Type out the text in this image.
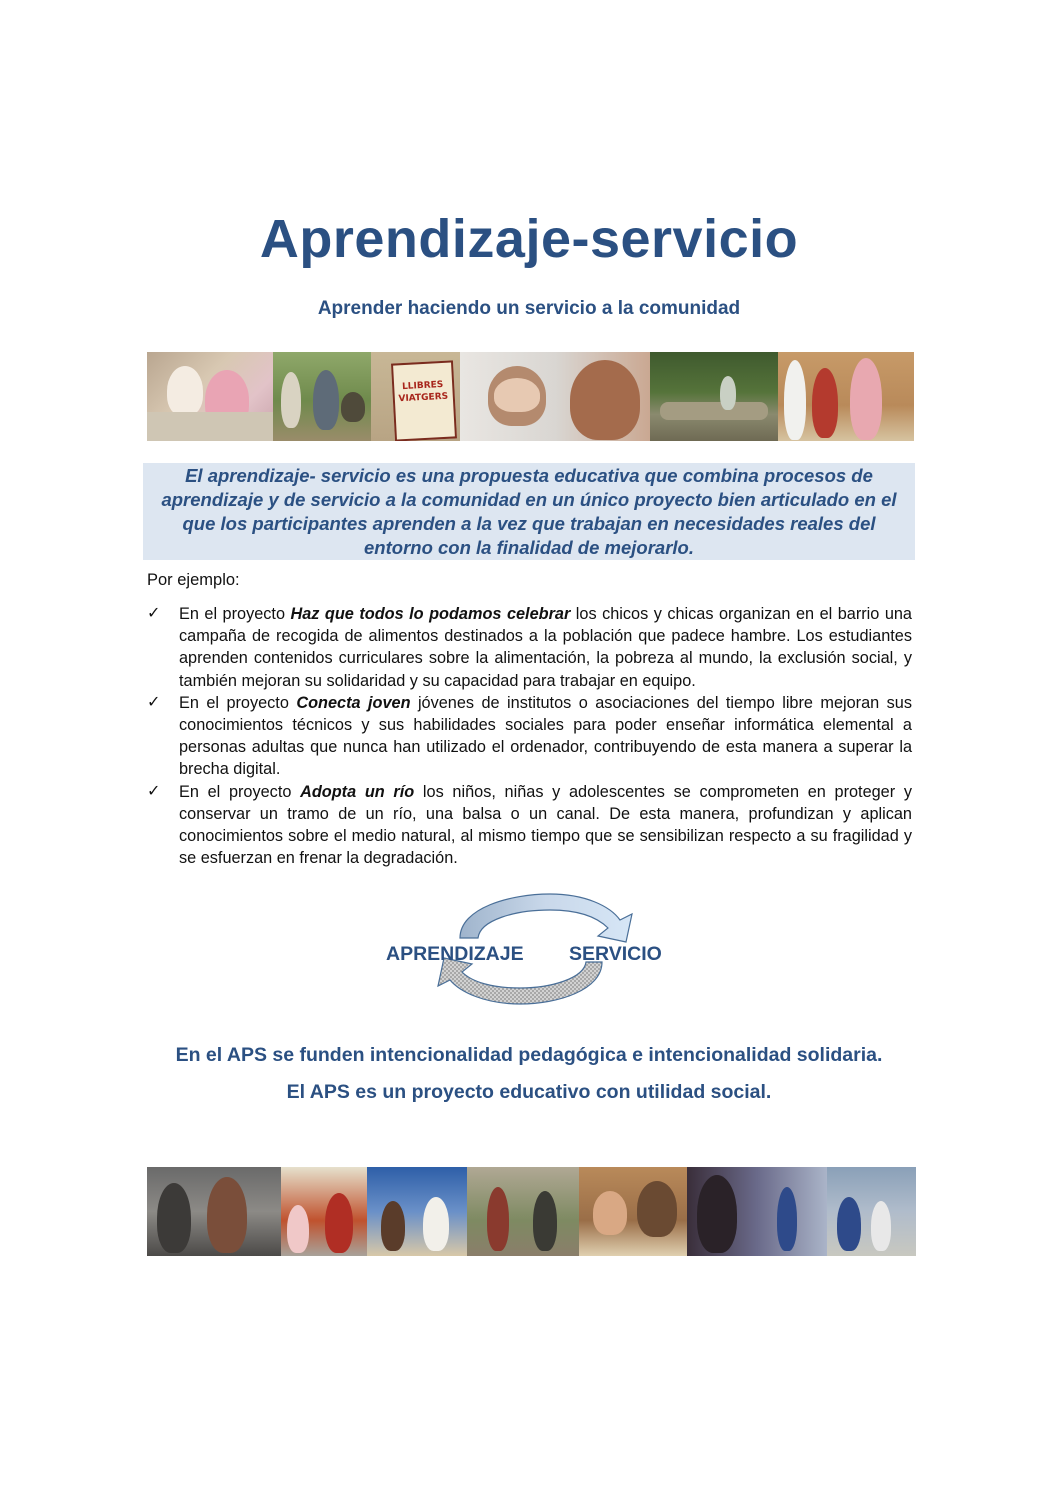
Aprendizaje-servicio
Aprender haciendo un servicio a la comunidad
LLIBRES VIATGERS
El aprendizaje- servicio es una propuesta educativa que combina procesos de
aprendizaje y de servicio a la comunidad en un único proyecto bien articulado en el
que los participantes aprenden a la vez que trabajan en necesidades reales del
entorno con la finalidad de mejorarlo.
Por ejemplo:
✓ En el proyecto Haz que todos lo podamos celebrar los chicos y chicas organizan en el barrio una campaña de recogida de alimentos destinados a la población que padece hambre. Los estudiantes aprenden contenidos curriculares sobre la alimentación, la pobreza al mundo, la exclusión social, y también mejoran su solidaridad y su capacidad para trabajar en equipo.
✓ En el proyecto Conecta joven jóvenes de institutos o asociaciones del tiempo libre mejoran sus conocimientos técnicos y sus habilidades sociales para poder enseñar informática elemental a personas adultas que nunca han utilizado el ordenador, contribuyendo de esta manera a superar la brecha digital.
✓ En el proyecto Adopta un río los niños, niñas y adolescentes se comprometen en proteger y conservar un tramo de un río, una balsa o un canal. De esta manera, profundizan y aplican conocimientos sobre el medio natural, al mismo tiempo que se sensibilizan respecto a su fragilidad y se esfuerzan en frenar la degradación.
APRENDIZAJE SERVICIO
En el APS se funden intencionalidad pedagógica e intencionalidad solidaria.
El APS es un proyecto educativo con utilidad social.
